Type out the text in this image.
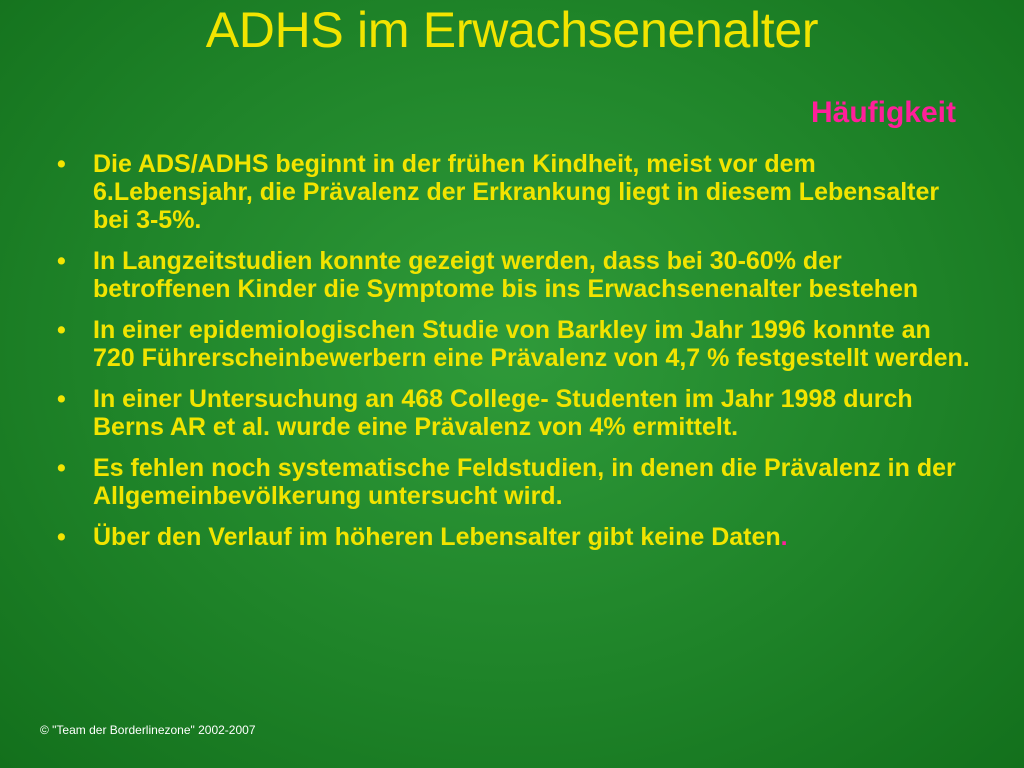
ADHS im Erwachsenenalter
Häufigkeit
•	Die ADS/ADHS beginnt in der frühen Kindheit, meist vor dem 6.Lebensjahr, die Prävalenz der Erkrankung liegt in diesem Lebensalter bei 3-5%.
•	In Langzeitstudien konnte gezeigt werden, dass bei 30-60% der betroffenen Kinder die Symptome bis ins Erwachsenenalter bestehen
•	In einer epidemiologischen Studie von Barkley im Jahr 1996 konnte an 720 Führerscheinbewerbern eine Prävalenz von 4,7 % festgestellt werden.
•	In einer Untersuchung an 468 College- Studenten im Jahr 1998 durch Berns AR et al. wurde eine Prävalenz von 4% ermittelt.
•	Es fehlen noch systematische Feldstudien, in denen die Prävalenz in der Allgemeinbevölkerung untersucht wird.
•	Über den Verlauf im höheren Lebensalter gibt keine Daten.
© "Team der Borderlinezone" 2002-2007
